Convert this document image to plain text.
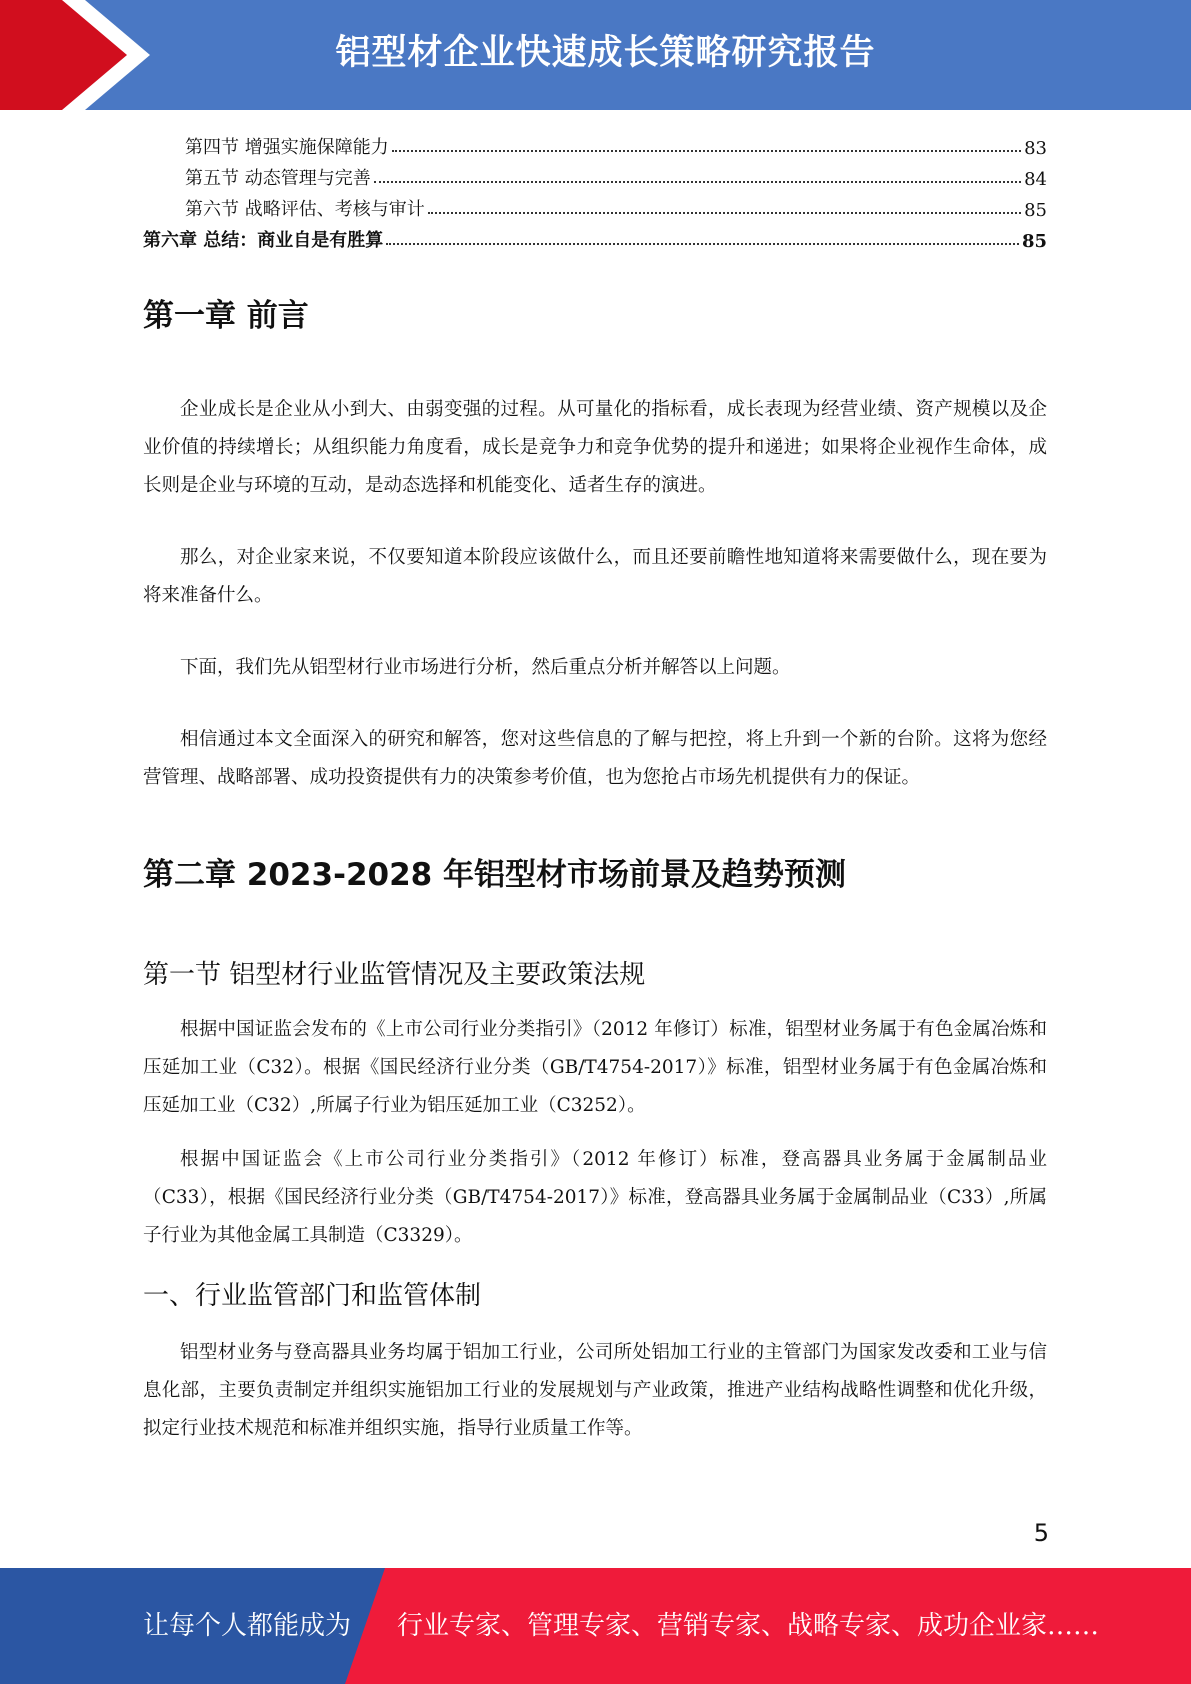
铝型材企业快速成长策略研究报告
第四节 增强实施保障能力	83
第五节 动态管理与完善	84
第六节 战略评估、考核与审计	85
第六章 总结：商业自是有胜算	85
第一章 前言

企业成长是企业从小到大、由弱变强的过程。从可量化的指标看，成长表现为经营业绩、资产规模以及企业价值的持续增长；从组织能力角度看，成长是竞争力和竞争优势的提升和递进；如果将企业视作生命体，成长则是企业与环境的互动，是动态选择和机能变化、适者生存的演进。

那么，对企业家来说，不仅要知道本阶段应该做什么，而且还要前瞻性地知道将来需要做什么，现在要为将来准备什么。

下面，我们先从铝型材行业市场进行分析，然后重点分析并解答以上问题。

相信通过本文全面深入的研究和解答，您对这些信息的了解与把控，将上升到一个新的台阶。这将为您经营管理、战略部署、成功投资提供有力的决策参考价值，也为您抢占市场先机提供有力的保证。

第二章 2023-2028 年铝型材市场前景及趋势预测
第一节 铝型材行业监管情况及主要政策法规

根据中国证监会发布的《上市公司行业分类指引》（2012 年修订）标准，铝型材业务属于有色金属冶炼和压延加工业（C32）。根据《国民经济行业分类（GB/T4754-2017）》标准，铝型材业务属于有色金属冶炼和压延加工业（C32）,所属子行业为铝压延加工业（C3252）。

根据中国证监会《上市公司行业分类指引》（2012 年修订）标准，登高器具业务属于金属制品业（C33），根据《国民经济行业分类（GB/T4754-2017）》标准，登高器具业务属于金属制品业（C33）,所属子行业为其他金属工具制造（C3329）。

一、行业监管部门和监管体制

铝型材业务与登高器具业务均属于铝加工行业，公司所处铝加工行业的主管部门为国家发改委和工业与信息化部，主要负责制定并组织实施铝加工行业的发展规划与产业政策，推进产业结构战略性调整和优化升级，拟定行业技术规范和标准并组织实施，指导行业质量工作等。

5
让每个人都能成为 行业专家、管理专家、营销专家、战略专家、成功企业家……
